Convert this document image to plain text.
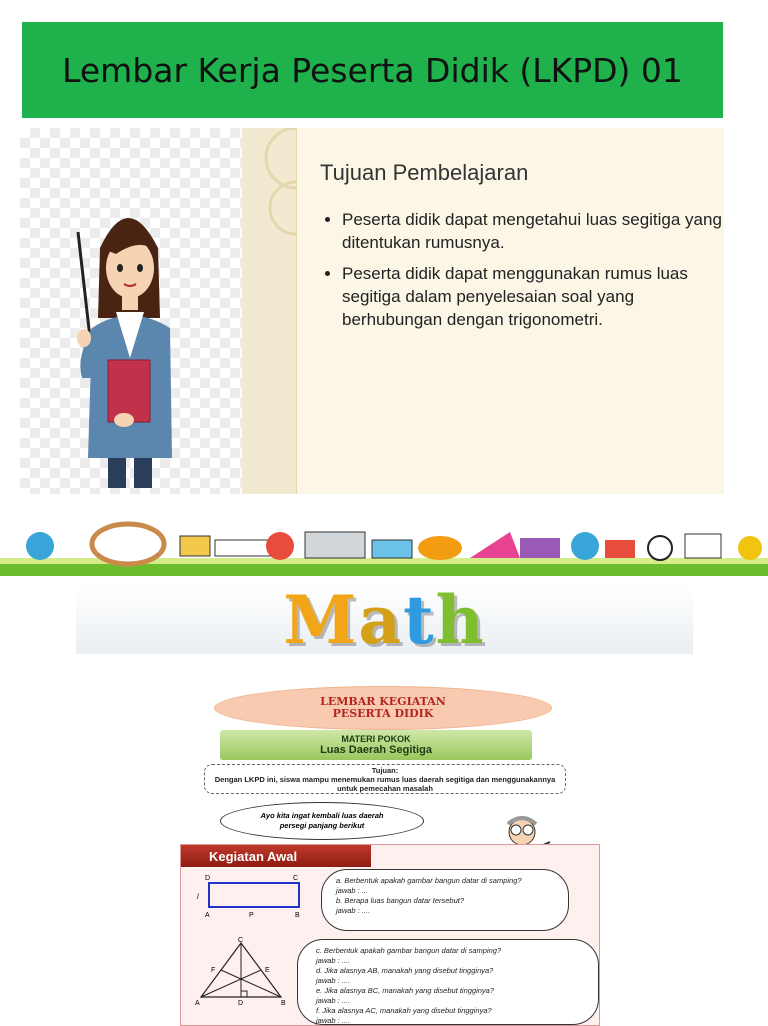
Lembar Kerja Peserta Didik (LKPD) 01
Tujuan Pembelajaran
• Peserta didik dapat mengetahui luas segitiga yang ditentukan rumusnya.
• Peserta didik dapat menggunakan rumus luas segitiga dalam penyelesaian soal yang berhubungan dengan trigonometri.
Math
LEMBAR KEGIATAN
PESERTA DIDIK
MATERI POKOK
Luas Daerah Segitiga
Tujuan:
Dengan LKPD ini, siswa mampu menemukan rumus luas daerah segitiga dan menggunakannya untuk pemecahan masalah
Ayo kita ingat kembali luas daerah persegi panjang berikut
Kegiatan Awal
D	C
A	P	B
l

a. Berbentuk apakah gambar bangun datar di samping?

jawab : ...

b. Berapa luas bangun datar tersebut?

jawab : ....

C
F	E
A	D	B

c. Berbentuk apakah gambar bangun datar di samping?

jawab : ....

d. Jika alasnya AB, manakah yang disebut tingginya?

jawab : ....

e. Jika alasnya BC, manakah yang disebut tingginya?

jawab : ....

f. Jika alasnya AC, manakah yang disebut tingginya?

jawab : ....
